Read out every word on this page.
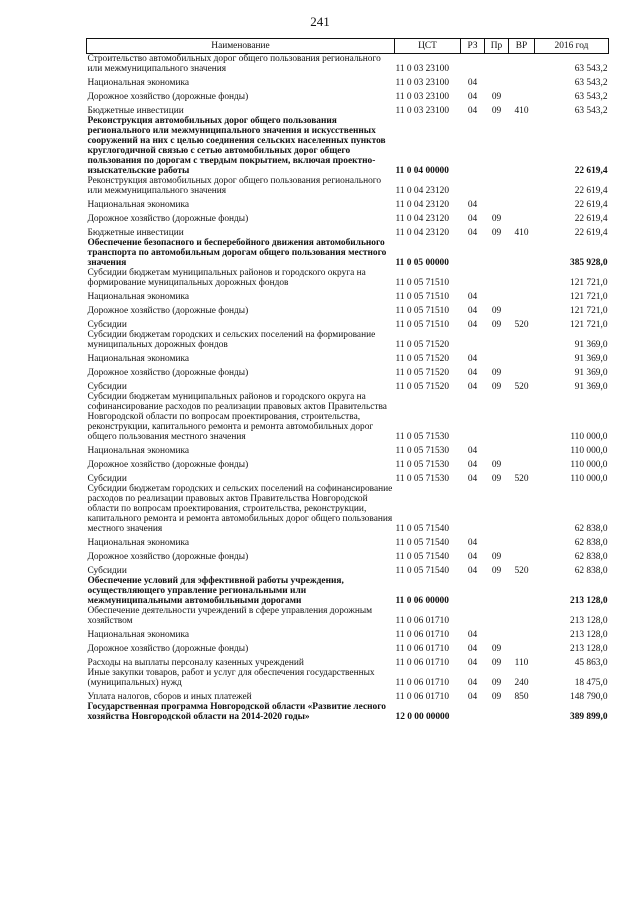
241
Наименование	ЦСТ	РЗ	Пр	ВР	2016 год
Строительство автомобильных дорог общего пользования регионального или межмуниципального значения	11 0 03 23100				63 543,2
Национальная экономика	11 0 03 23100	04			63 543,2
Дорожное хозяйство (дорожные фонды)	11 0 03 23100	04	09		63 543,2
Бюджетные инвестиции	11 0 03 23100	04	09	410	63 543,2
Реконструкция автомобильных дорог общего пользования регионального или межмуниципального значения и искусственных сооружений на них с целью соединения сельских населенных пунктов круглогодичной связью с сетью автомобильных дорог общего пользования по дорогам с твердым покрытием, включая проектно-изыскательские работы	11 0 04 00000				22 619,4
Реконструкция автомобильных дорог общего пользования регионального или межмуниципального значения	11 0 04 23120				22 619,4
Национальная экономика	11 0 04 23120	04			22 619,4
Дорожное хозяйство (дорожные фонды)	11 0 04 23120	04	09		22 619,4
Бюджетные инвестиции	11 0 04 23120	04	09	410	22 619,4
Обеспечение безопасного и бесперебойного движения автомобильного транспорта по автомобильным дорогам общего пользования местного значения	11 0 05 00000				385 928,0
Субсидии бюджетам муниципальных районов и городского округа на формирование муниципальных дорожных фондов	11 0 05 71510				121 721,0
Национальная экономика	11 0 05 71510	04			121 721,0
Дорожное хозяйство (дорожные фонды)	11 0 05 71510	04	09		121 721,0
Субсидии	11 0 05 71510	04	09	520	121 721,0
Субсидии бюджетам городских и сельских поселений на формирование муниципальных дорожных фондов	11 0 05 71520				91 369,0
Национальная экономика	11 0 05 71520	04			91 369,0
Дорожное хозяйство (дорожные фонды)	11 0 05 71520	04	09		91 369,0
Субсидии	11 0 05 71520	04	09	520	91 369,0
Субсидии бюджетам муниципальных районов и городского округа на софинансирование расходов по реализации правовых актов Правительства Новгородской области по вопросам проектирования, строительства, реконструкции, капитального ремонта и ремонта автомобильных дорог общего пользования местного значения	11 0 05 71530				110 000,0
Национальная экономика	11 0 05 71530	04			110 000,0
Дорожное хозяйство (дорожные фонды)	11 0 05 71530	04	09		110 000,0
Субсидии	11 0 05 71530	04	09	520	110 000,0
Субсидии бюджетам городских и сельских поселений на софинансирование расходов по реализации правовых актов Правительства Новгородской области по вопросам проектирования, строительства, реконструкции, капитального ремонта и ремонта автомобильных дорог общего пользования местного значения	11 0 05 71540				62 838,0
Национальная экономика	11 0 05 71540	04			62 838,0
Дорожное хозяйство (дорожные фонды)	11 0 05 71540	04	09		62 838,0
Субсидии	11 0 05 71540	04	09	520	62 838,0
Обеспечение условий для эффективной работы учреждения, осуществляющего управление региональными или межмуниципальными автомобильными дорогами	11 0 06 00000				213 128,0
Обеспечение деятельности учреждений в сфере управления дорожным хозяйством	11 0 06 01710				213 128,0
Национальная экономика	11 0 06 01710	04			213 128,0
Дорожное хозяйство (дорожные фонды)	11 0 06 01710	04	09		213 128,0
Расходы на выплаты персоналу казенных учреждений	11 0 06 01710	04	09	110	45 863,0
Иные закупки товаров, работ и услуг для обеспечения государственных (муниципальных) нужд	11 0 06 01710	04	09	240	18 475,0
Уплата налогов, сборов и иных платежей	11 0 06 01710	04	09	850	148 790,0
Государственная программа Новгородской области «Развитие лесного хозяйства Новгородской области на 2014-2020 годы»	12 0 00 00000				389 899,0
